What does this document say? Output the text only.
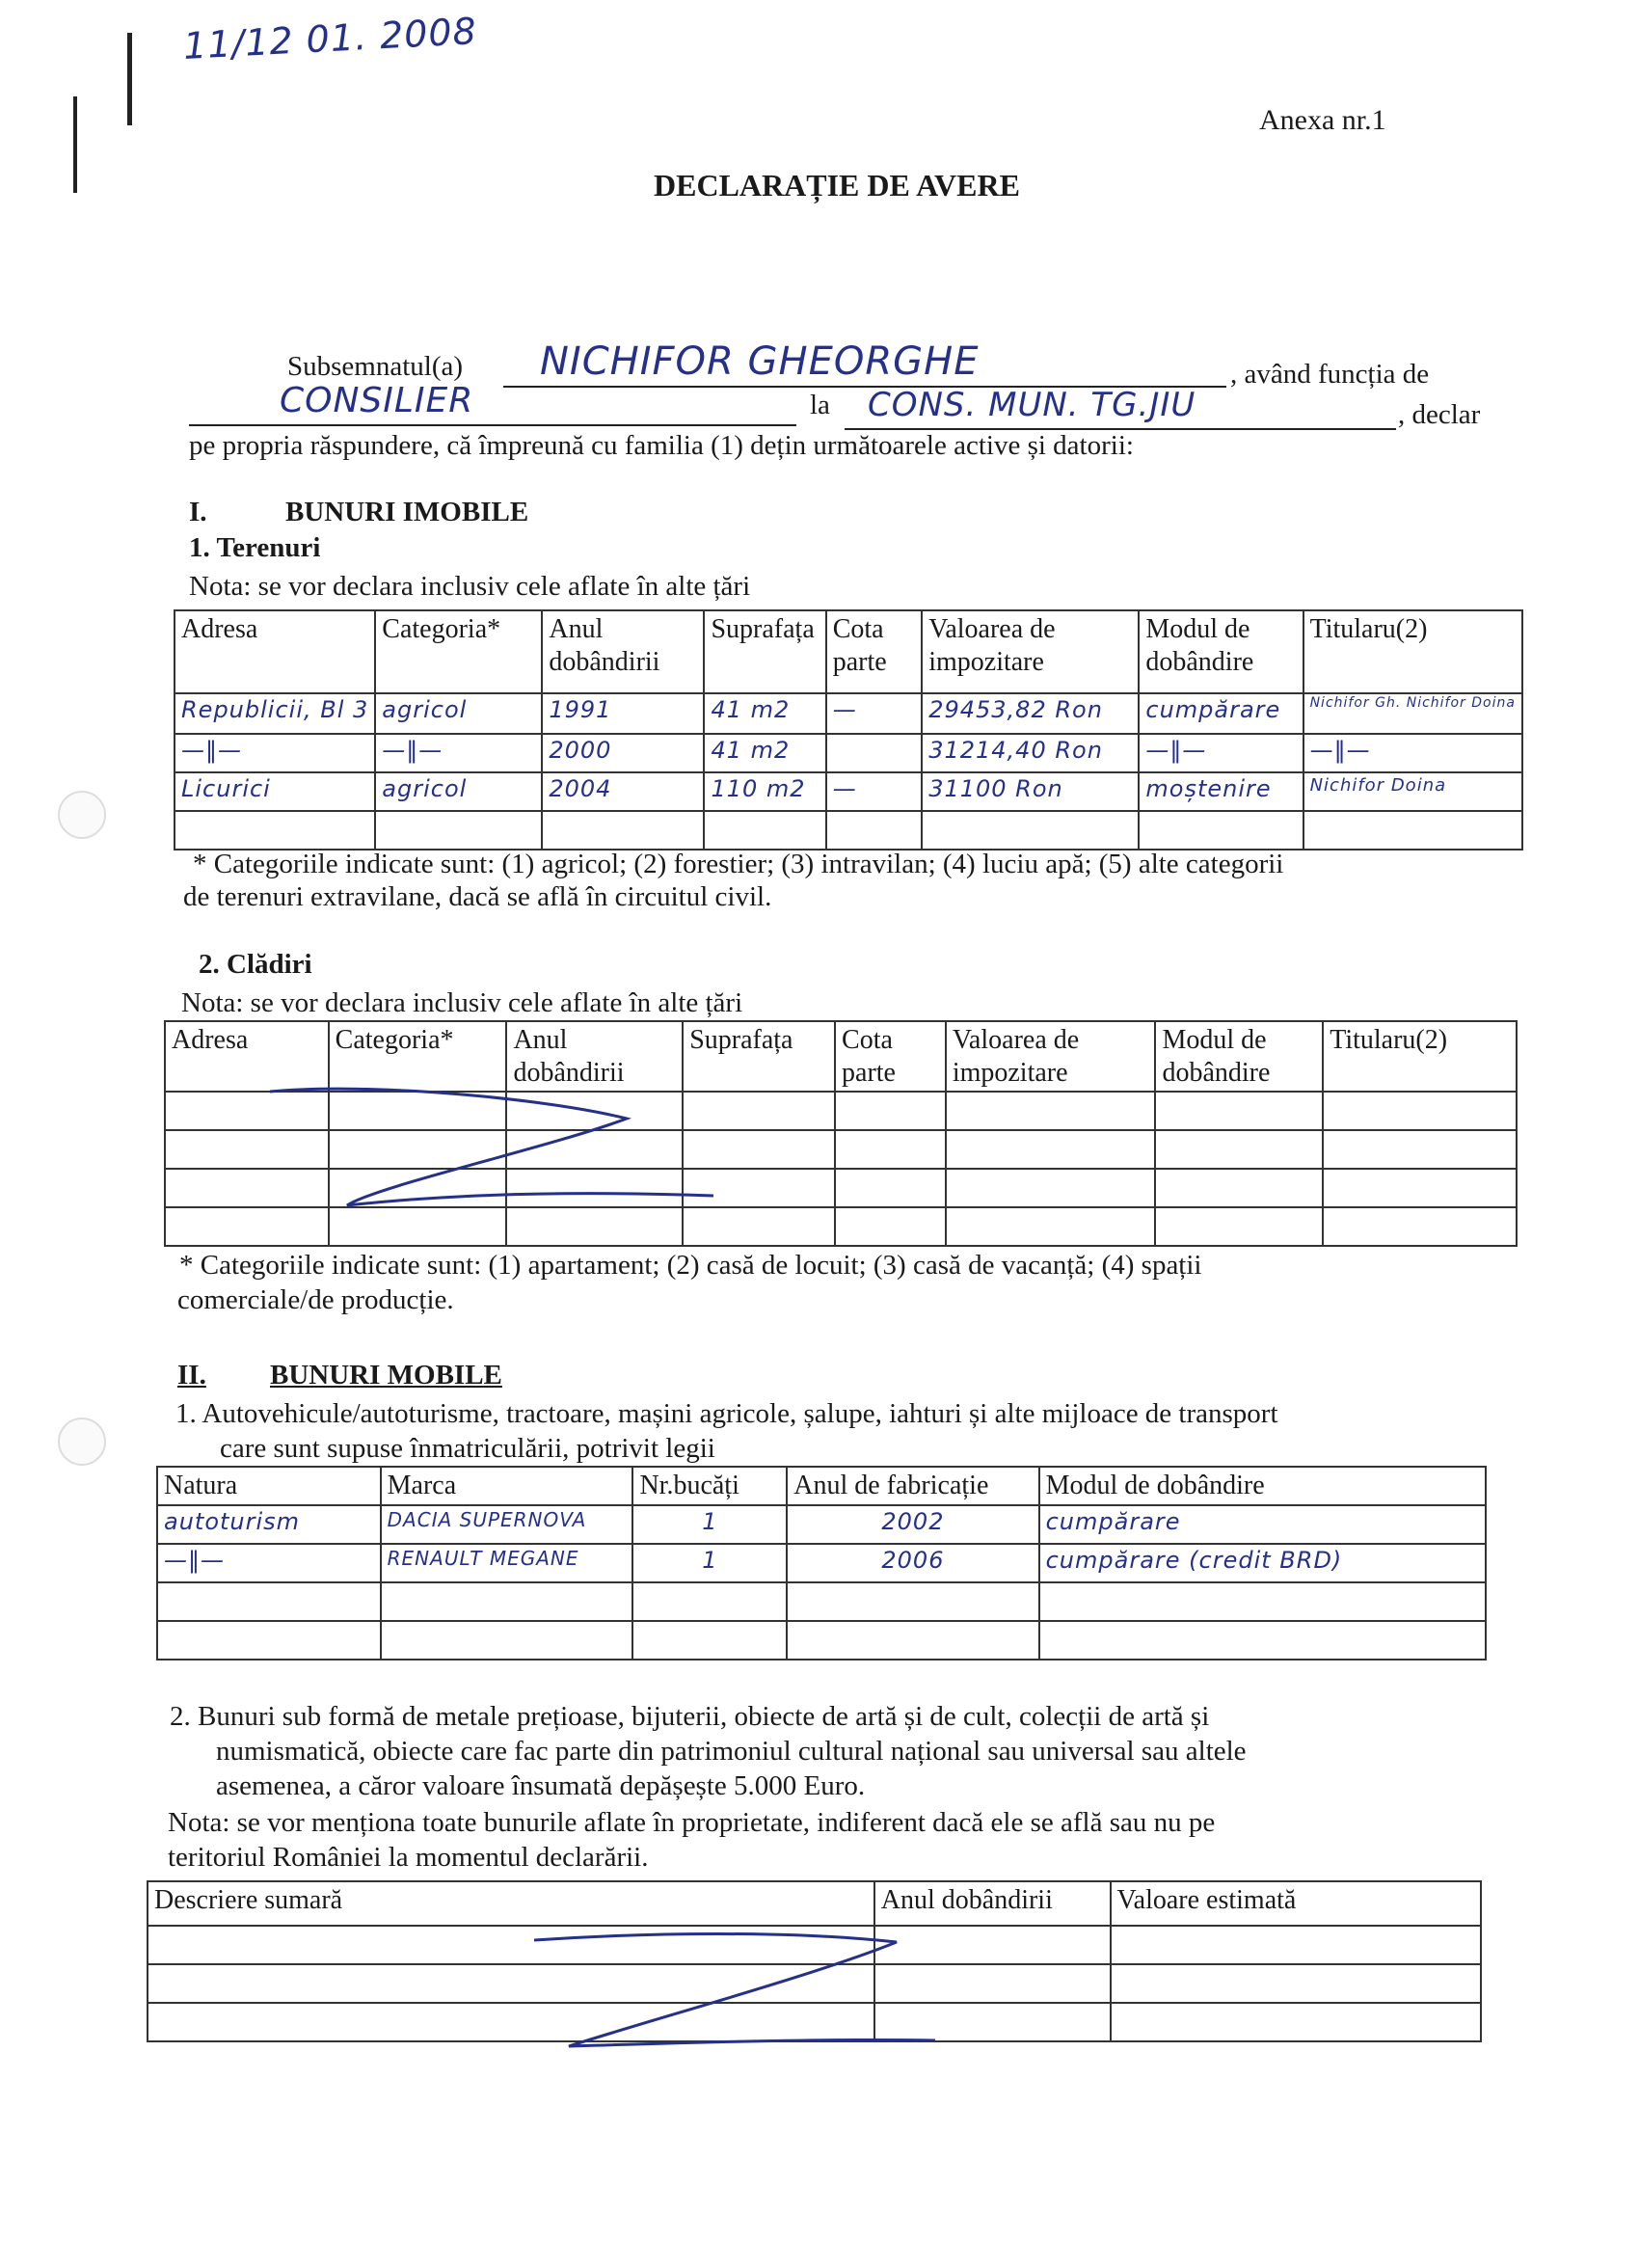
11/12 01. 2008
Anexa nr.1
DECLARAȚIE DE AVERE
Subsemnatul(a) NICHIFOR GHEORGHE	, având funcția de
CONSILIER	la CONS. MUN. TG.JIU	, declar
pe propria răspundere, că împreună cu familia (1) dețin următoarele active și datorii:
I.	BUNURI IMOBILE
1. Terenuri
Nota: se vor declara inclusiv cele aflate în alte țări
Adresa	Categoria*	Anul dobândirii	Suprafața	Cota parte	Valoarea de impozitare	Modul de dobândire	Titularu(2)

Republicii, Bl 3	agricol	1991	41 m2	—	29453,82 Ron	cumpărare	Nichifor Gh. Nichifor Doina

—‖—	—‖—	2000	41 m2		31214,40 Ron	—‖—	—‖—

Licurici	agricol	2004	110 m2	—	31100 Ron	moștenire	Nichifor Doina

* Categoriile indicate sunt: (1) agricol; (2) forestier; (3) intravilan; (4) luciu apă; (5) alte categorii
de terenuri extravilane, dacă se află în circuitul civil.
2. Clădiri
Nota: se vor declara inclusiv cele aflate în alte țări
Adresa	Categoria*	Anul dobândirii	Suprafața	Cota parte	Valoarea de impozitare	Modul de dobândire	Titularu(2)

* Categoriile indicate sunt: (1) apartament; (2) casă de locuit; (3) casă de vacanță; (4) spații
comerciale/de producție.
II. BUNURI MOBILE
1. Autovehicule/autoturisme, tractoare, mașini agricole, șalupe, iahturi și alte mijloace de transport
care sunt supuse înmatriculării, potrivit legii
Natura	Marca	Nr.bucăți	Anul de fabricație	Modul de dobândire

autoturism	DACIA SUPERNOVA	1	2002	cumpărare

—‖—	RENAULT MEGANE	1	2006	cumpărare (credit BRD)

2. Bunuri sub formă de metale prețioase, bijuterii, obiecte de artă și de cult, colecții de artă și
numismatică, obiecte care fac parte din patrimoniul cultural național sau universal sau altele
asemenea, a căror valoare însumată depășește 5.000 Euro.
Nota: se vor menționa toate bunurile aflate în proprietate, indiferent dacă ele se află sau nu pe
teritoriul României la momentul declarării.
Descriere sumară	Anul dobândirii	Valoare estimată
